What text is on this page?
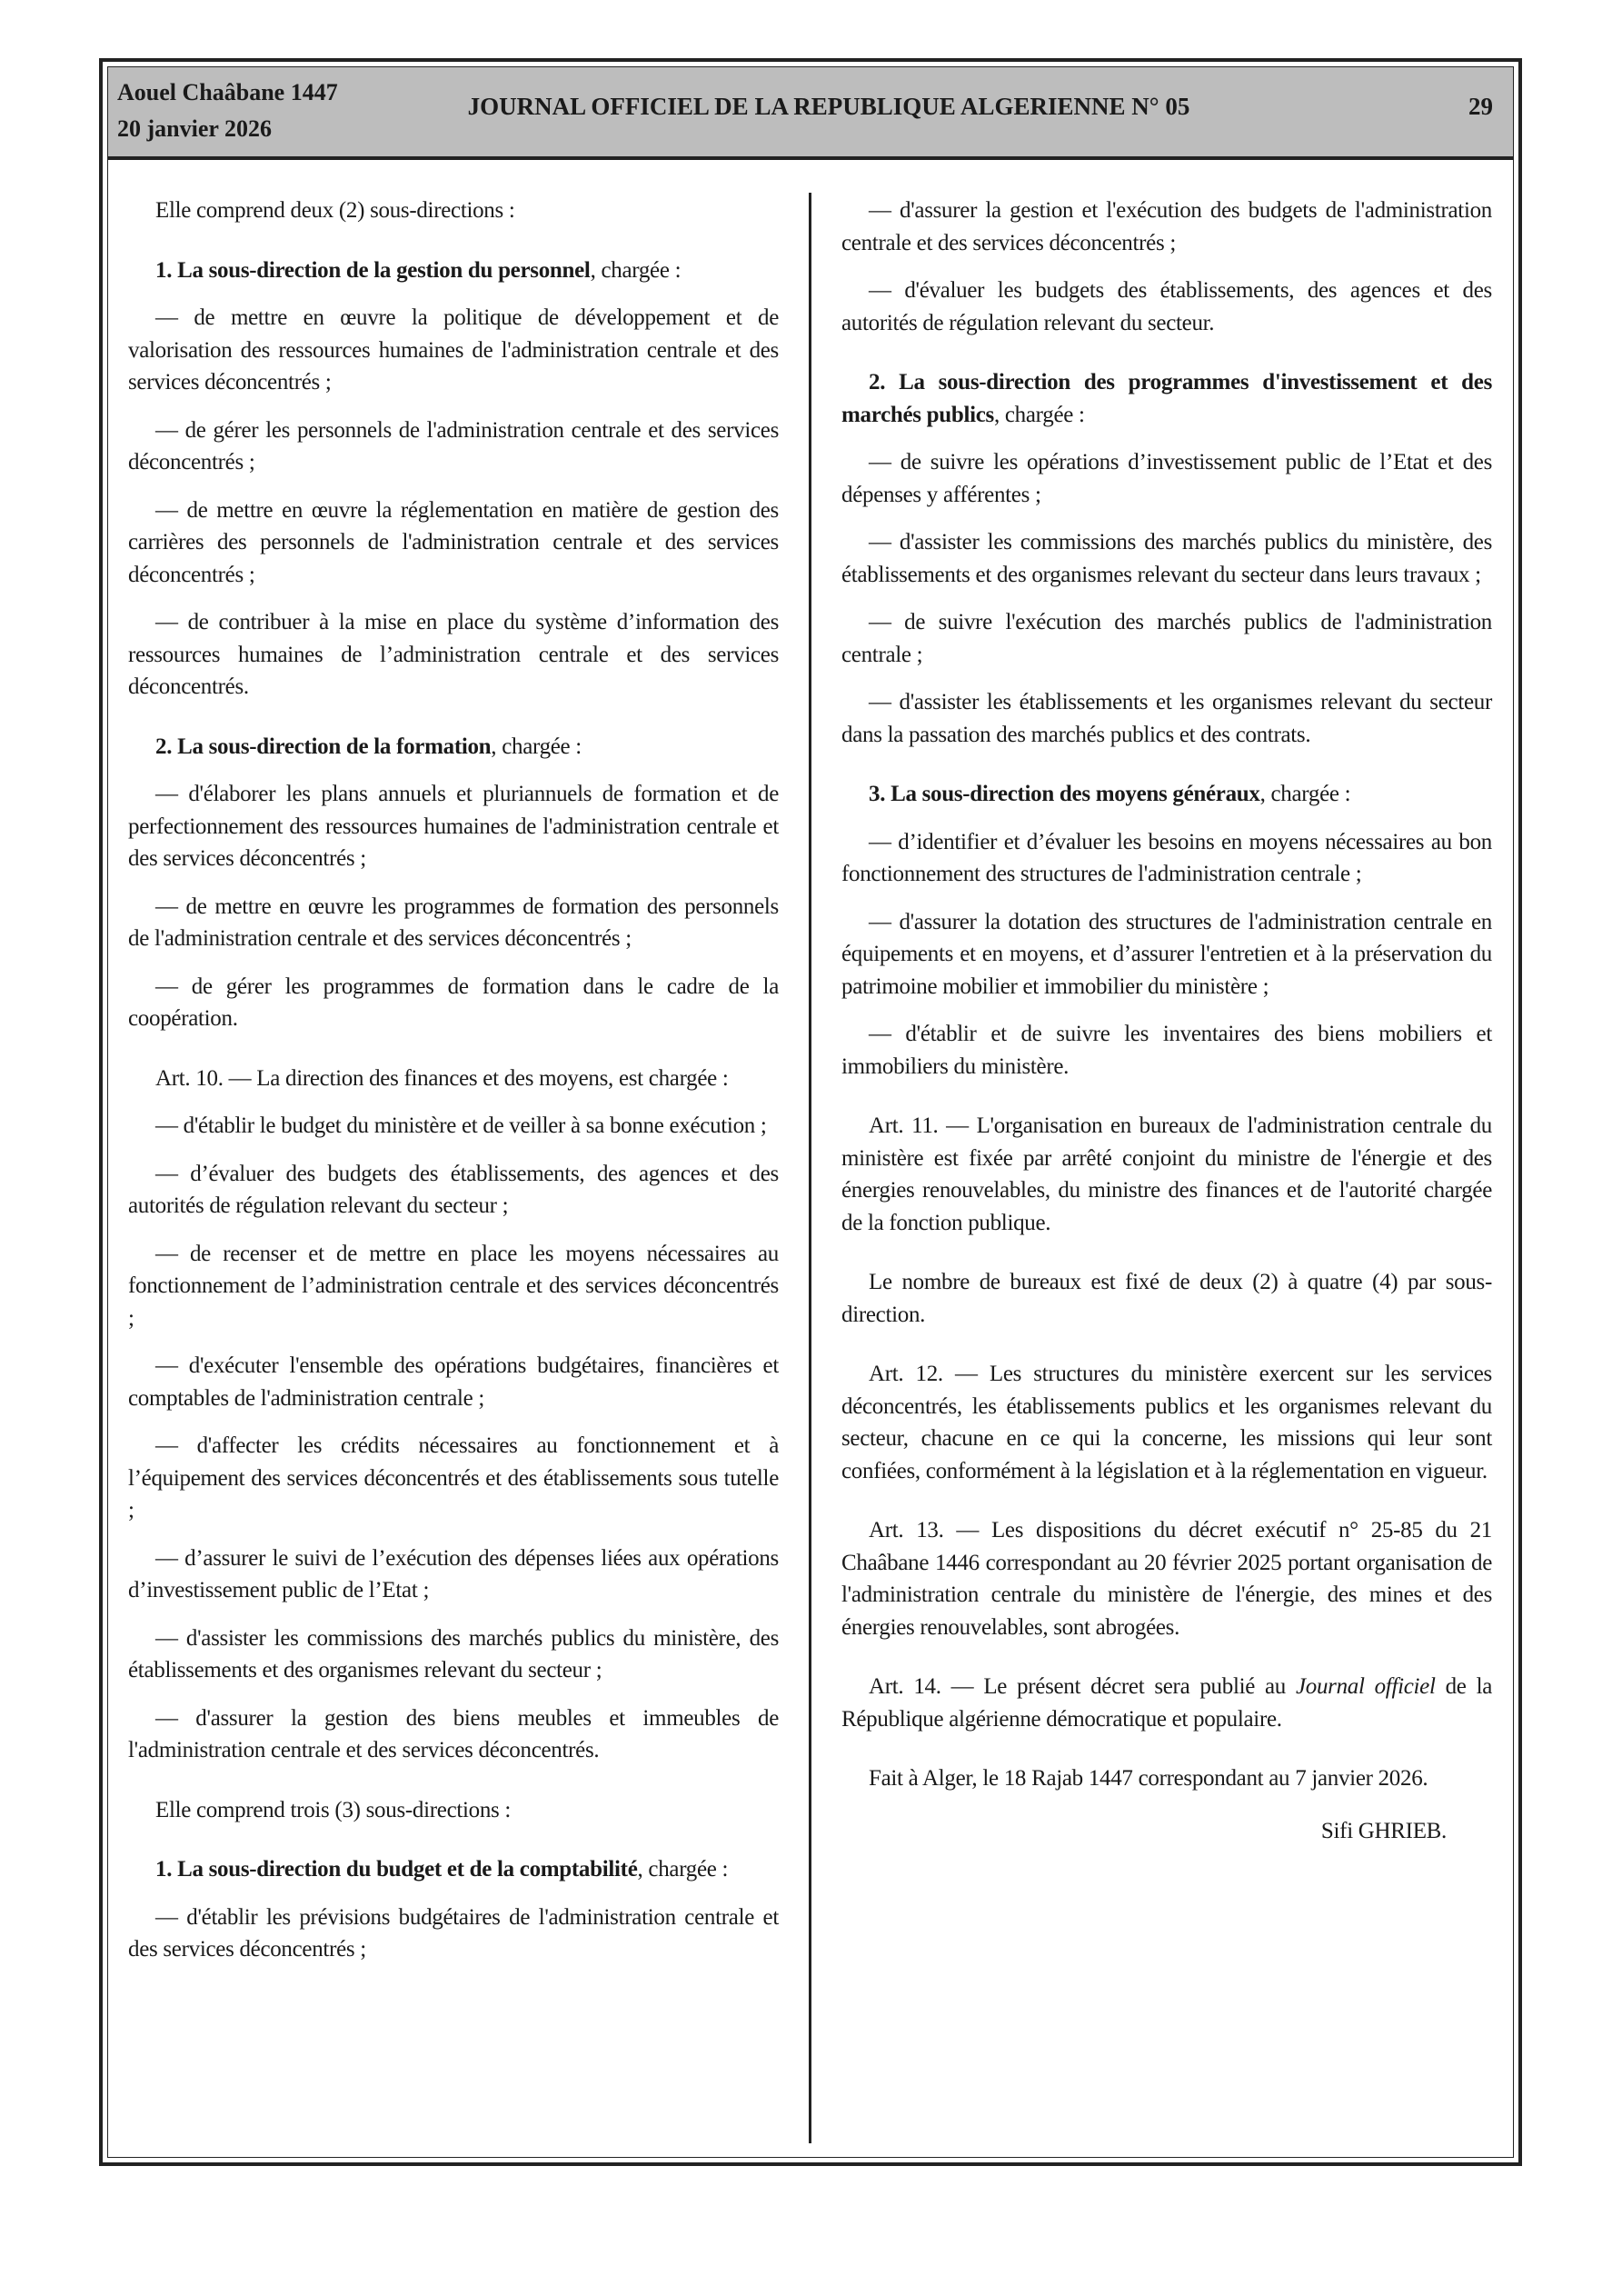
Aouel Chaâbane 1447
20 janvier 2026
JOURNAL OFFICIEL DE LA REPUBLIQUE ALGERIENNE N° 05	29

Elle comprend deux (2) sous-directions :

1. La sous-direction de la gestion du personnel, chargée :

— de mettre en œuvre la politique de développement et de valorisation des ressources humaines de l'administration centrale et des services déconcentrés ;

— de gérer les personnels de l'administration centrale et des services déconcentrés ;

— de mettre en œuvre la réglementation en matière de gestion des carrières des personnels de l'administration centrale et des services déconcentrés ;

— de contribuer à la mise en place du système d’information des ressources humaines de l’administration centrale et des services déconcentrés.

2. La sous-direction de la formation, chargée :

— d'élaborer les plans annuels et pluriannuels de formation et de perfectionnement des ressources humaines de l'administration centrale et des services déconcentrés ;

— de mettre en œuvre les programmes de formation des personnels de l'administration centrale et des services déconcentrés ;

— de gérer les programmes de formation dans le cadre de la coopération.

Art. 10. — La direction des finances et des moyens, est chargée :

— d'établir le budget du ministère et de veiller à sa bonne exécution ;

— d’évaluer des budgets des établissements, des agences et des autorités de régulation relevant du secteur ;

— de recenser et de mettre en place les moyens nécessaires au fonctionnement de l’administration centrale et des services déconcentrés ;

— d'exécuter l'ensemble des opérations budgétaires, financières et comptables de l'administration centrale ;

— d'affecter les crédits nécessaires au fonctionnement et à l’équipement des services déconcentrés et des établissements sous tutelle ;

— d’assurer le suivi de l’exécution des dépenses liées aux opérations d’investissement public de l’Etat ;

— d'assister les commissions des marchés publics du ministère, des établissements et des organismes relevant du secteur ;

— d'assurer la gestion des biens meubles et immeubles de l'administration centrale et des services déconcentrés.

Elle comprend trois (3) sous-directions :

1. La sous-direction du budget et de la comptabilité, chargée :

— d'établir les prévisions budgétaires de l'administration centrale et des services déconcentrés ;

— d'assurer la gestion et l'exécution des budgets de l'administration centrale et des services déconcentrés ;

— d'évaluer les budgets des établissements, des agences et des autorités de régulation relevant du secteur.

2. La sous-direction des programmes d'investissement et des marchés publics, chargée :

— de suivre les opérations d’investissement public de l’Etat et des dépenses y afférentes ;

— d'assister les commissions des marchés publics du ministère, des établissements et des organismes relevant du secteur dans leurs travaux ;

— de suivre l'exécution des marchés publics de l'administration centrale ;

— d'assister les établissements et les organismes relevant du secteur dans la passation des marchés publics et des contrats.

3. La sous-direction des moyens généraux, chargée :

— d’identifier et d’évaluer les besoins en moyens nécessaires au bon fonctionnement des structures de l'administration centrale ;

— d'assurer la dotation des structures de l'administration centrale en équipements et en moyens, et d’assurer l'entretien et à la préservation du patrimoine mobilier et immobilier du ministère ;

— d'établir et de suivre les inventaires des biens mobiliers et immobiliers du ministère.

Art. 11. — L'organisation en bureaux de l'administration centrale du ministère est fixée par arrêté conjoint du ministre de l'énergie et des énergies renouvelables, du ministre des finances et de l'autorité chargée de la fonction publique.

Le nombre de bureaux est fixé de deux (2) à quatre (4) par sous-direction.

Art. 12. — Les structures du ministère exercent sur les services déconcentrés, les établissements publics et les organismes relevant du secteur, chacune en ce qui la concerne, les missions qui leur sont confiées, conformément à la législation et à la réglementation en vigueur.

Art. 13. — Les dispositions du décret exécutif n° 25-85 du 21 Chaâbane 1446 correspondant au 20 février 2025 portant organisation de l'administration centrale du ministère de l'énergie, des mines et des énergies renouvelables, sont abrogées.

Art. 14. — Le présent décret sera publié au Journal officiel de la République algérienne démocratique et populaire.

Fait à Alger, le 18 Rajab 1447 correspondant au 7 janvier 2026.

Sifi GHRIEB.
